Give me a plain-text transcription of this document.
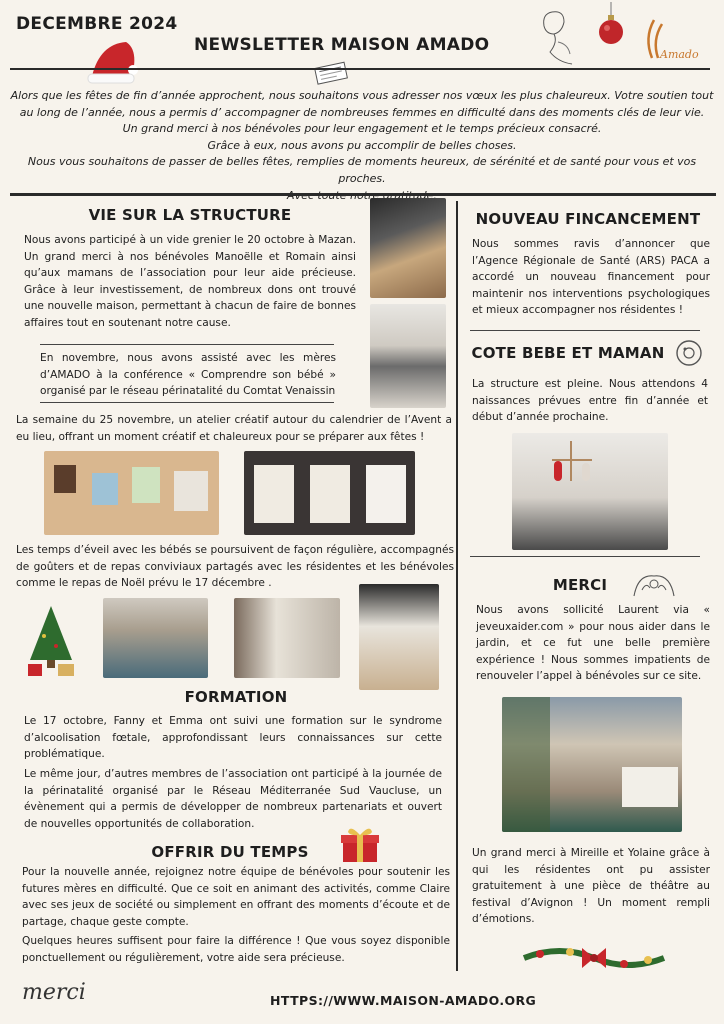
DECEMBRE 2024
NEWSLETTER MAISON AMADO	Amado

Alors que les fêtes de fin d’année approchent, nous souhaitons vous adresser nos vœux les plus chaleureux. Votre soutien tout au long de l’année, nous a permis d’ accompagner de nombreuses femmes en difficulté dans des moments clés de leur vie.

Un grand merci à nos bénévoles pour leur engagement et le temps précieux consacré.

Grâce à eux, nous avons pu accomplir de belles choses.

Nous vous souhaitons de passer de belles fêtes, remplies de moments heureux, de sérénité et de santé pour vous et vos proches.

VIE SUR LA STRUCTURE
Nous avons participé à un vide grenier le 20 octobre à Mazan. Un grand merci à nos bénévoles Manoëlle et Romain ainsi qu’aux mamans de l’association pour leur aide précieuse. Grâce à leur investissement, de nombreux dons ont trouvé une nouvelle maison, permettant à chacun de faire de bonnes affaires tout en soutenant notre cause.
En novembre, nous avons assisté avec les mères d’AMADO à la conférence « Comprendre son bébé » organisé par le réseau périnatalité du Comtat Venaissin
La semaine du 25 novembre, un atelier créatif autour du calendrier de l’Avent a eu lieu, offrant un moment créatif et chaleureux pour se préparer aux fêtes !
Les temps d’éveil avec les bébés se poursuivent de façon régulière, accompagnés de goûters et de repas conviviaux partagés avec les résidentes et les bénévoles comme le repas de Noël prévu le 17 décembre .
FORMATION
Le 17 octobre, Fanny et Emma ont suivi une formation sur le syndrome d’alcoolisation fœtale, approfondissant leurs connaissances sur cette problématique.
Le même jour, d’autres membres de l’association ont participé à la journée de la périnatalité organisé par le Réseau Méditerranée Sud Vaucluse, un évènement qui a permis de développer de nombreux partenariats et ouvert de nouvelles opportunités de collaboration.
OFFRIR DU TEMPS
Pour la nouvelle année, rejoignez notre équipe de bénévoles pour soutenir les futures mères en difficulté. Que ce soit en animant des activités, comme Claire avec ses jeux de société ou simplement en offrant des moments d’écoute et de partage, chaque geste compte.
Quelques heures suffisent pour faire la différence ! Que vous soyez disponible ponctuellement ou régulièrement, votre aide sera précieuse.
NOUVEAU FINCANCEMENT
Nous sommes ravis d’annoncer que l’Agence Régionale de Santé (ARS) PACA a accordé un nouveau financement pour maintenir nos interventions psychologiques et mieux accompagner nos résidentes !
COTE BEBE ET MAMAN
La structure est pleine. Nous attendons 4 naissances prévues entre fin d’année et début d’année prochaine.
MERCI
Nous avons sollicité Laurent via « jeveuxaider.com » pour nous aider dans le jardin, et ce fut une belle première expérience ! Nous sommes impatients de renouveler l’appel à bénévoles sur ce site.
Un grand merci à Mireille et Yolaine grâce à qui les résidentes ont pu assister gratuitement à une pièce de théâtre au festival d’Avignon ! Un moment rempli d’émotions.
merci	HTTPS://WWW.MAISON-AMADO.ORG
